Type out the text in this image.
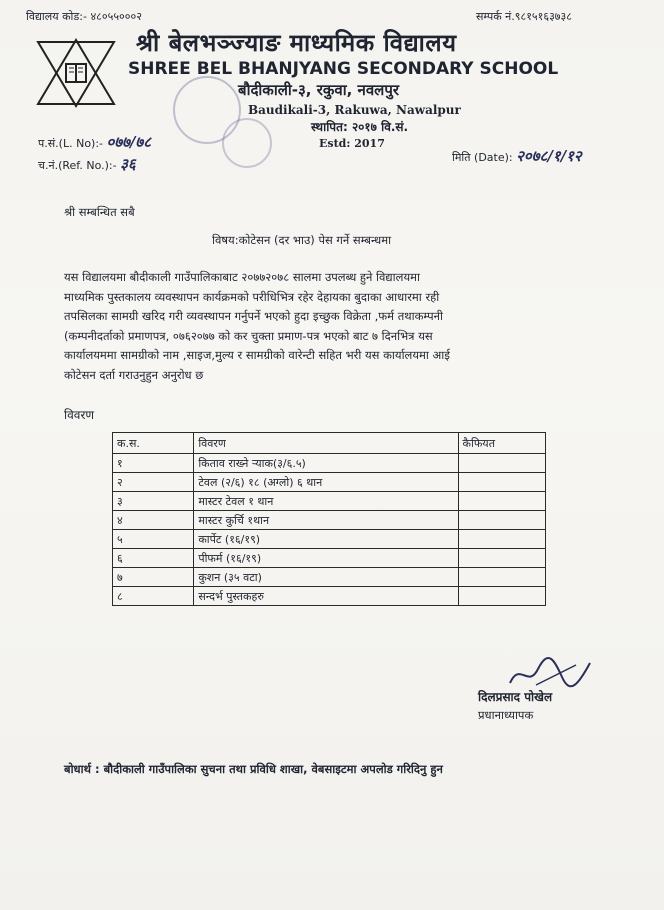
विद्यालय कोड:- ४८०५५०००२	सम्पर्क नं.९८१५१६३७३८
श्री बेलभञ्ज्याङ माध्यमिक विद्यालय
SHREE BEL BHANJYANG SECONDARY SCHOOL
बौदीकाली-३, रकुवा, नवलपुर
Baudikali-3, Rakuwa, Nawalpur
स्थापित: २०१७ वि.सं.
Estd: 2017
प.सं.(L. No):- ०७७/७८
च.नं.(Ref. No.):- ३६	मिति (Date): २०७८/१/१२
श्री सम्बन्धित सबै
विषय:कोटेसन (दर भाउ) पेस गर्ने सम्बन्धमा
यस विद्यालयमा बौदीकाली गाउँपालिकाबाट २०७७२०७८ सालमा उपलब्ध हुने विद्यालयमा
माध्यमिक पुस्तकालय व्यवस्थापन कार्यक्रमको परीधिभित्र रहेर देहायका बुदाका आधारमा रही
तपसिलका सामग्री खरिद गरी व्यवस्थापन गर्नुपर्ने भएको हुदा इच्छुक विक्रेता ,फर्म तथाकम्पनी
(कम्पनीदर्ताको प्रमाणपत्र, ०७६२०७७ को कर चुक्ता प्रमाण-पत्र भएको बाट ७ दिनभित्र यस
कार्यालयममा सामग्रीको नाम ,साइज,मुल्य र सामग्रीको वारेन्टी सहित भरी यस कार्यालयमा आई
कोटेसन दर्ता गराउनुहुन अनुरोध छ
विवरण
क.स.	विवरण	कैफियत
१	किताव राख्ने र्‍याक(३/६.५)	
२	टेवल (२/६) १८ (अग्लो) ६ थान	
३	मास्टर टेवल १ थान	
४	मास्टर कुर्चि १थान	
५	कार्पेट (१६/१९)	
६	पीफर्म (१६/१९)	
७	कुशन (३५ वटा)	
८	सन्दर्भ पुस्तकहरु	
दिलप्रसाद पोखेल
प्रधानाध्यापक
बोधार्थ : बौदीकाली गाउँपालिका सुचना तथा प्रविधि शाखा, वेबसाइटमा अपलोड गरिदिनु हुन
